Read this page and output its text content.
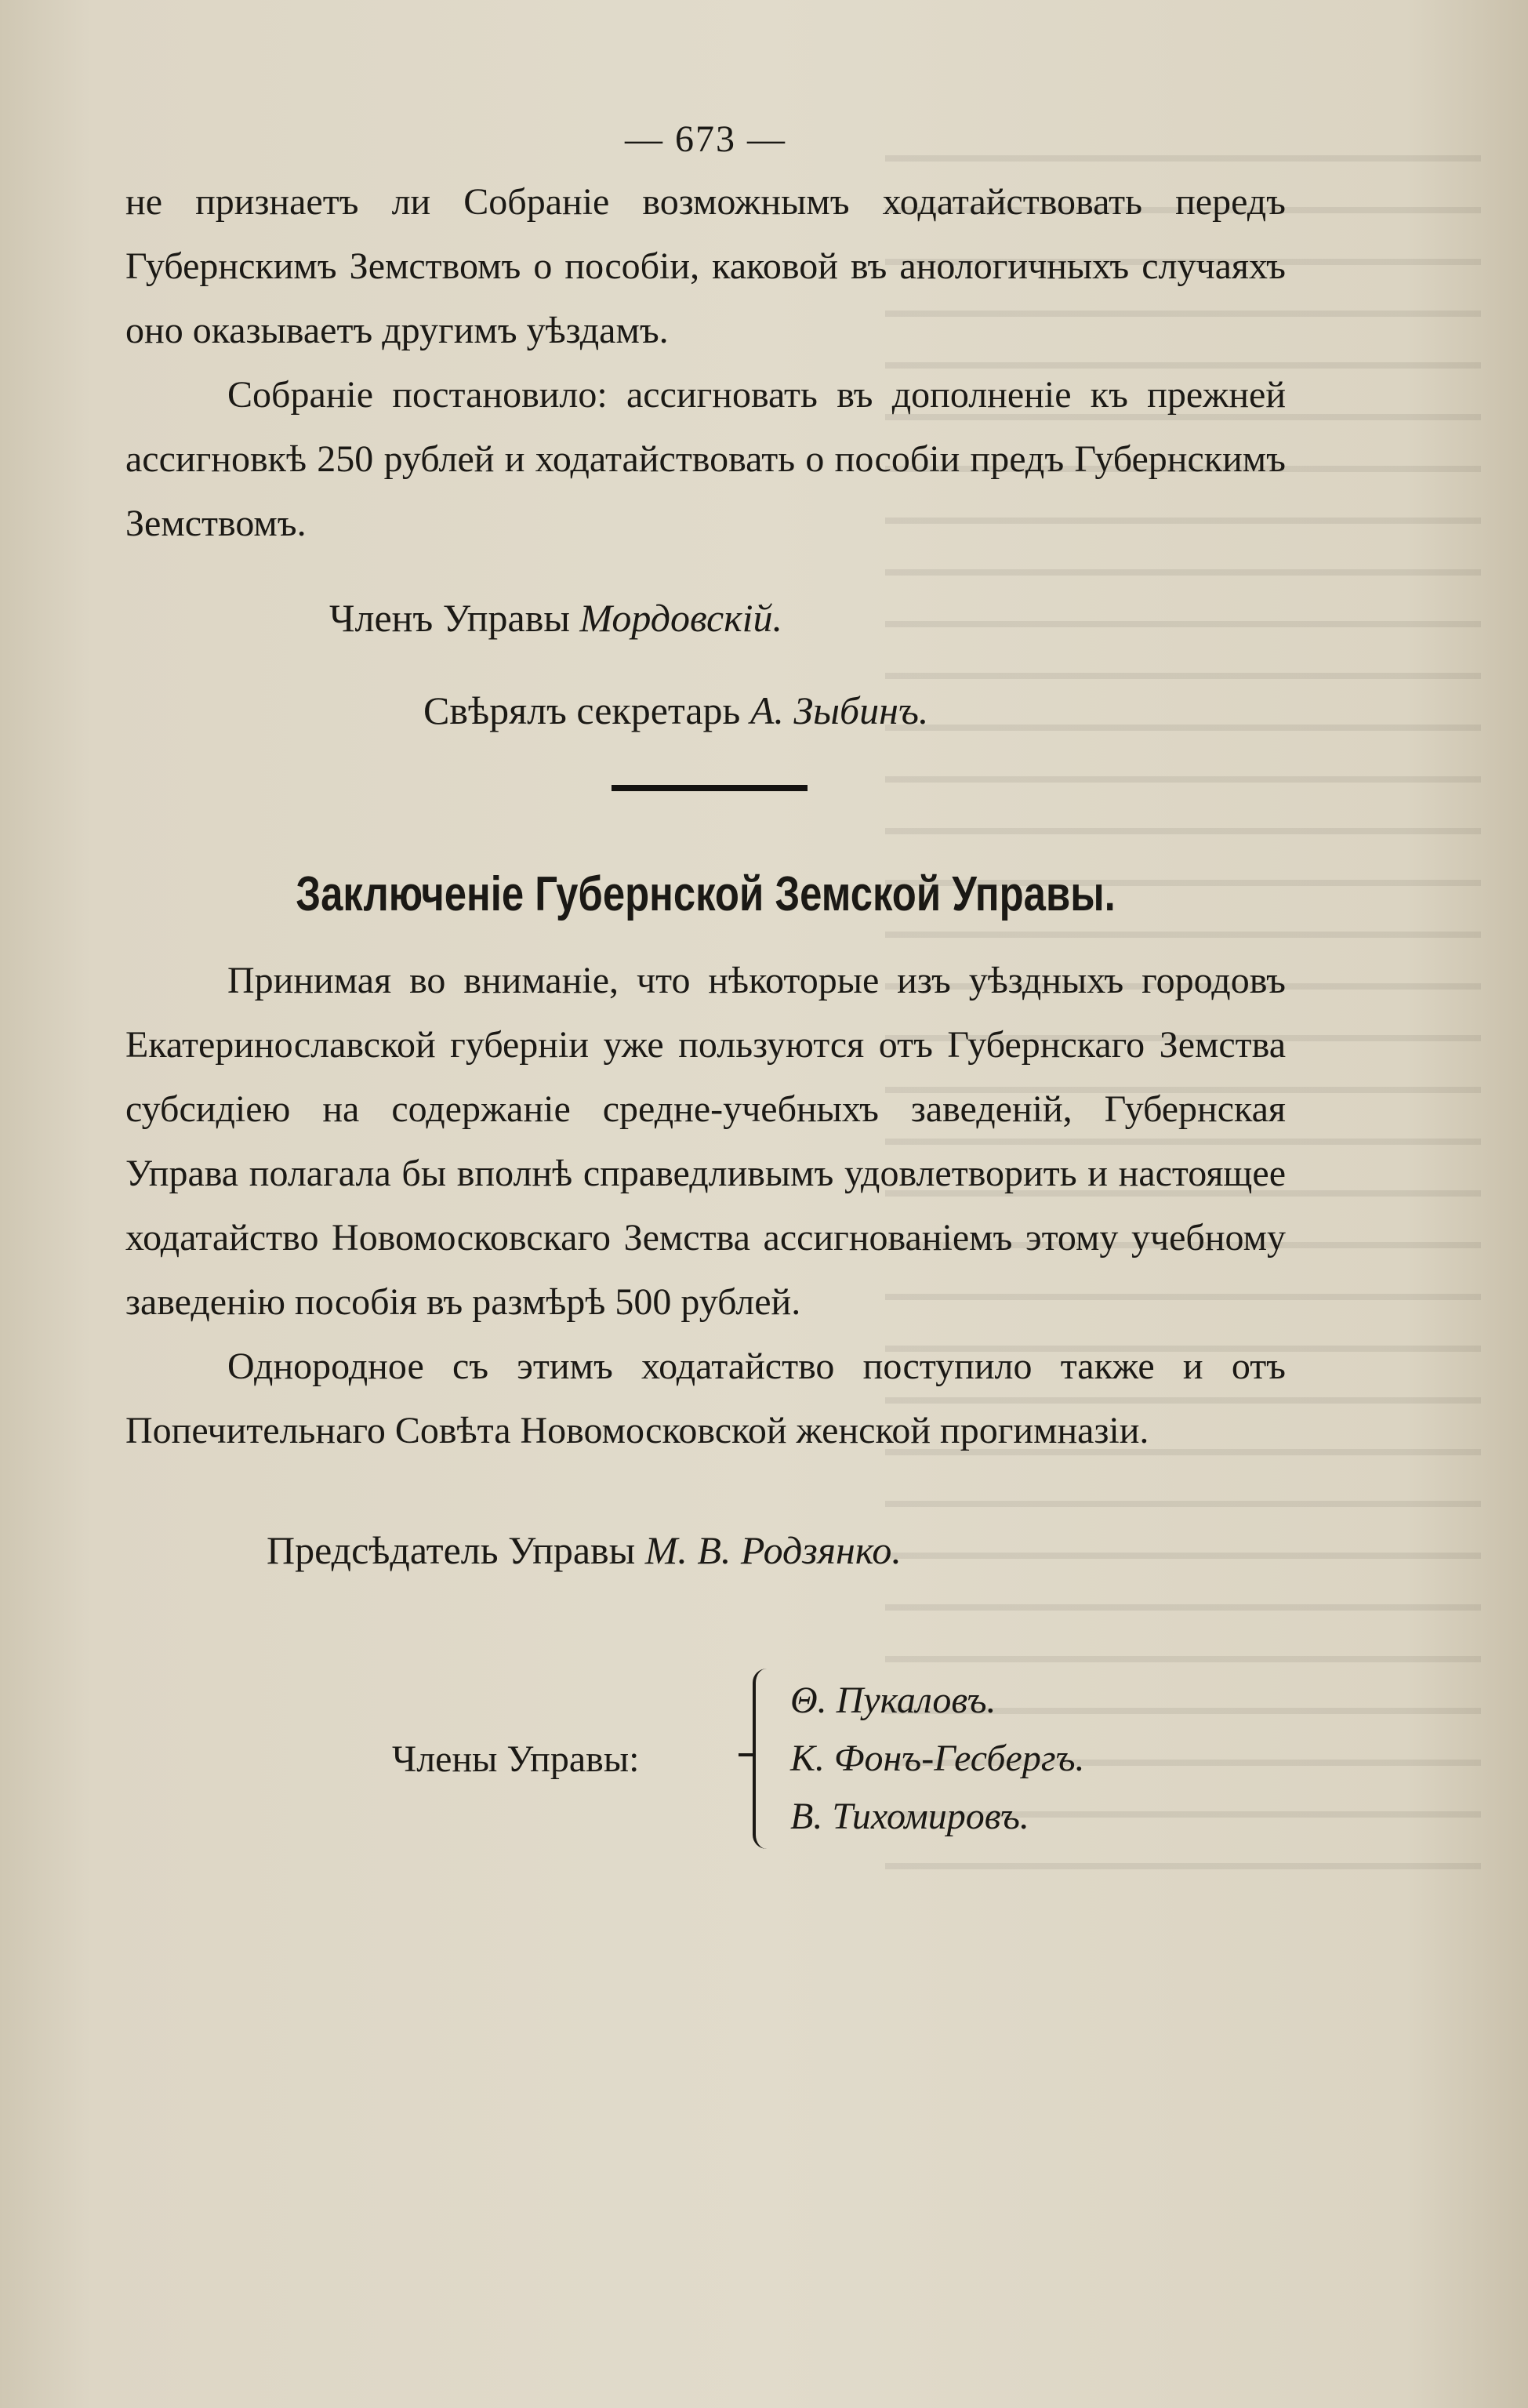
— 673 —

не признаетъ ли Собраніе возможнымъ ходатайствовать передъ Губернскимъ Земствомъ о пособіи, каковой въ анологичныхъ случаяхъ оно оказываетъ другимъ уѣздамъ.

Собраніе постановило: ассигновать въ дополненіе къ прежней ассигновкѣ 250 рублей и ходатайствовать о пособіи предъ Губернскимъ Земствомъ.

Членъ Управы Мордовскій.

Свѣрялъ секретарь А. Зыбинъ.

Заключеніе Губернской Земской Управы.

Принимая во вниманіе, что нѣкоторые изъ уѣздныхъ городовъ Екатеринославской губерніи уже пользуются отъ Губернскаго Земства субсидіею на содержаніе средне-учебныхъ заведеній, Губернская Управа полагала бы вполнѣ справедливымъ удовлетворить и настоящее ходатайство Новомосковскаго Земства ассигнованіемъ этому учебному заведенію пособія въ размѣрѣ 500 рублей.

Однородное съ этимъ ходатайство поступило также и отъ Попечительнаго Совѣта Новомосковской женской прогимназіи.

Предсѣдатель Управы М. В. Родзянко.

Члены Управы:
Θ. Пукаловъ.
К. Фонъ-Гесбергъ.
В. Тихомировъ.
